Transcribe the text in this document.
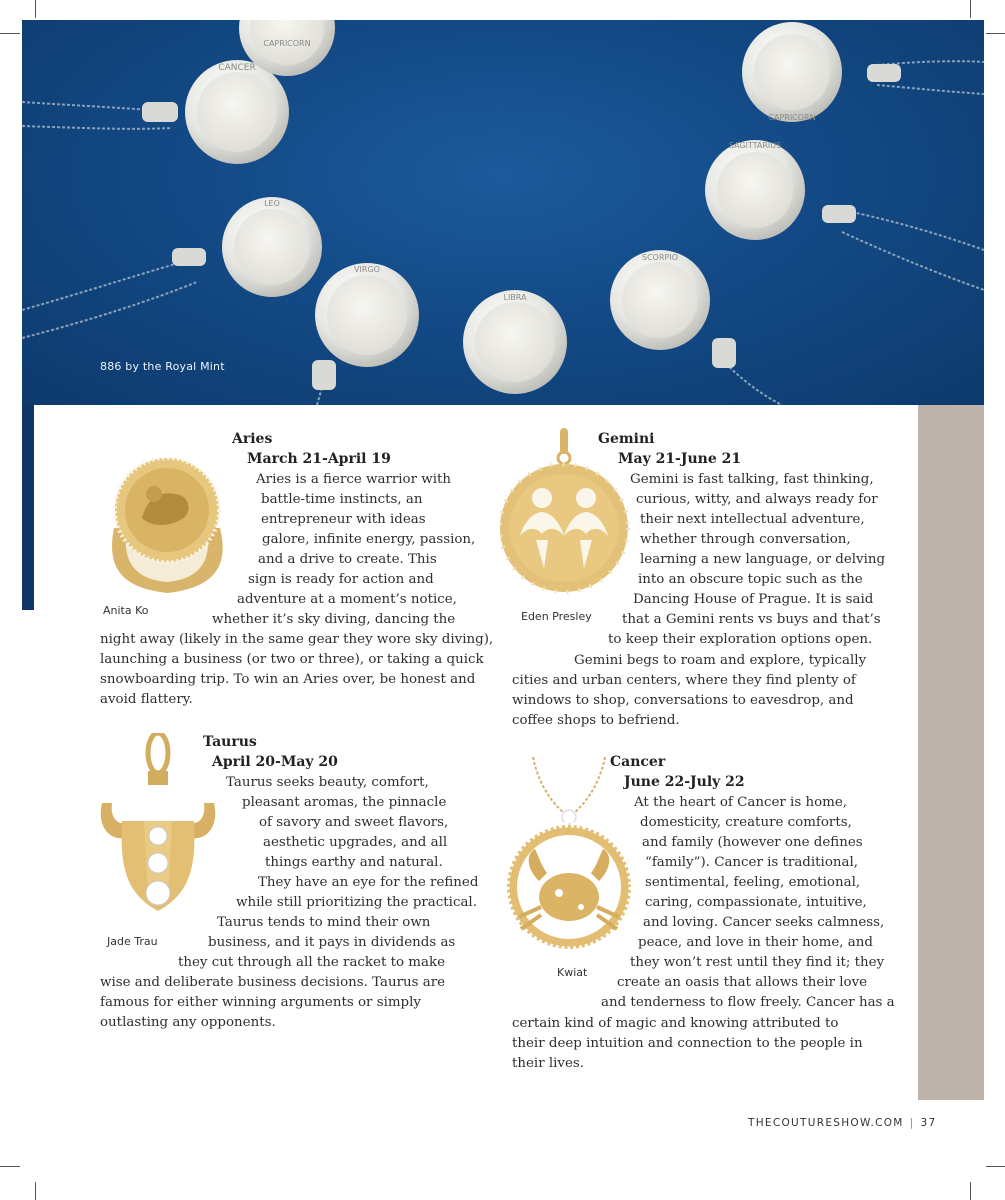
CANCER
CAPRICORN
CAPRICORN
SAGITTARIUS
LEO
SCORPIO
VIRGO
LIBRA
886 by the Royal Mint
Anita Ko
Aries
March 21-April 19
Aries is a fierce warrior with
battle-time instincts, an
entrepreneur with ideas
galore, infinite energy, passion,
and a drive to create. This
sign is ready for action and
adventure at a moment’s notice,
whether it’s sky diving, dancing the
night away (likely in the same gear they wore sky diving),
launching a business (or two or three), or taking a quick
snowboarding trip. To win an Aries over, be honest and
avoid flattery.
Jade Trau
Taurus
April 20-May 20
Taurus seeks beauty, comfort,
pleasant aromas, the pinnacle
of savory and sweet flavors,
aesthetic upgrades, and all
things earthy and natural.
They have an eye for the refined
while still prioritizing the practical.
Taurus tends to mind their own
business, and it pays in dividends as
they cut through all the racket to make
wise and deliberate business decisions. Taurus are
famous for either winning arguments or simply
outlasting any opponents.
Eden Presley
Gemini
May 21-June 21
Gemini is fast talking, fast thinking,
curious, witty, and always ready for
their next intellectual adventure,
whether through conversation,
learning a new language, or delving
into an obscure topic such as the
Dancing House of Prague. It is said
that a Gemini rents vs buys and that’s
to keep their exploration options open.
Gemini begs to roam and explore, typically
cities and urban centers, where they find plenty of
windows to shop, conversations to eavesdrop, and
coffee shops to befriend.
Kwiat
Cancer
June 22-July 22
At the heart of Cancer is home,
domesticity, creature comforts,
and family (however one defines
“family”). Cancer is traditional,
sentimental, feeling, emotional,
caring, compassionate, intuitive,
and loving. Cancer seeks calmness,
peace, and love in their home, and
they won’t rest until they find it; they
create an oasis that allows their love
and tenderness to flow freely. Cancer has a
certain kind of magic and knowing attributed to
their deep intuition and connection to the people in
their lives.
THECOUTURESHOW.COM | 37
